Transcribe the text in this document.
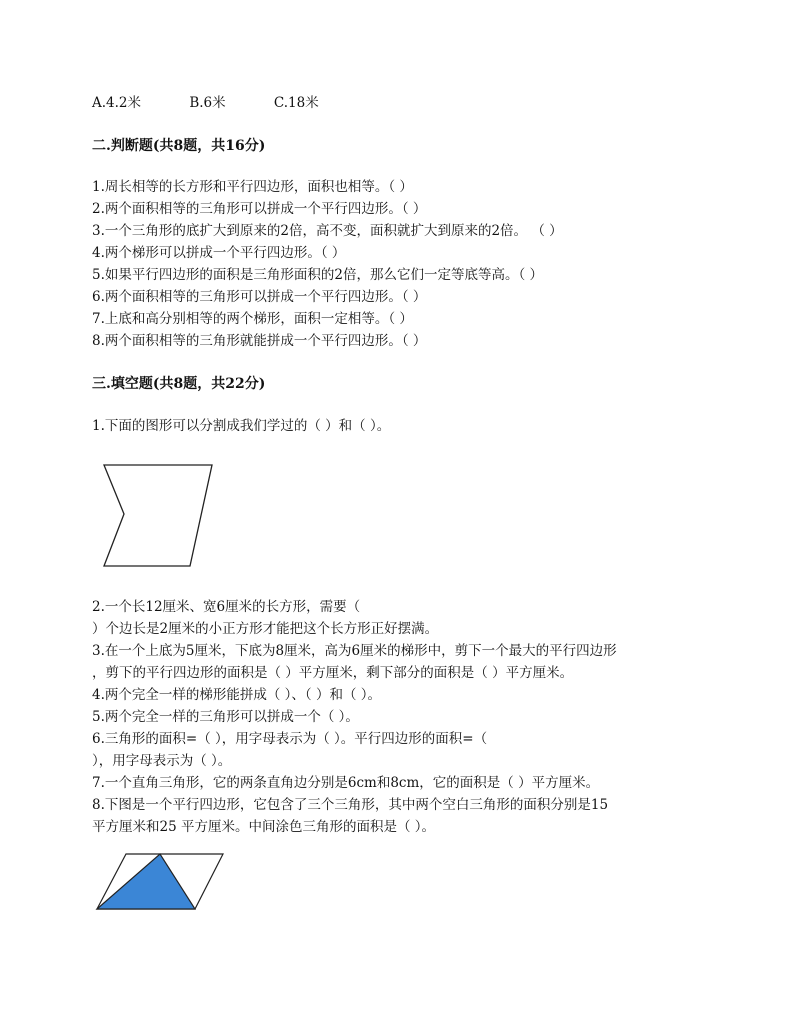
A.4.2米	B.6米	C.18米
二.判断题(共8题，共16分)
1.周长相等的长方形和平行四边形，面积也相等。（ ）
2.两个面积相等的三角形可以拼成一个平行四边形。（ ）
3.一个三角形的底扩大到原来的2倍，高不变，面积就扩大到原来的2倍。 （ ）
4.两个梯形可以拼成一个平行四边形。（ ）
5.如果平行四边形的面积是三角形面积的2倍，那么它们一定等底等高。（ ）
6.两个面积相等的三角形可以拼成一个平行四边形。（ ）
7.上底和高分别相等的两个梯形，面积一定相等。（ ）
8.两个面积相等的三角形就能拼成一个平行四边形。（ ）
三.填空题(共8题，共22分)
1.下面的图形可以分割成我们学过的（ ）和（ ）。
2.一个长12厘米、宽6厘米的长方形，需要（
）个边长是2厘米的小正方形才能把这个长方形正好摆满。
3.在一个上底为5厘米，下底为8厘米，高为6厘米的梯形中，剪下一个最大的平行四边形
，剪下的平行四边形的面积是（ ）平方厘米，剩下部分的面积是（ ）平方厘米。
4.两个完全一样的梯形能拼成（ ）、（ ）和（ ）。
5.两个完全一样的三角形可以拼成一个（ ）。
6.三角形的面积=（ ），用字母表示为（ ）。平行四边形的面积=（
），用字母表示为（ ）。
7.一个直角三角形，它的两条直角边分别是6cm和8cm，它的面积是（ ）平方厘米。
8.下图是一个平行四边形，它包含了三个三角形，其中两个空白三角形的面积分别是15
平方厘米和25 平方厘米。中间涂色三角形的面积是（ ）。
